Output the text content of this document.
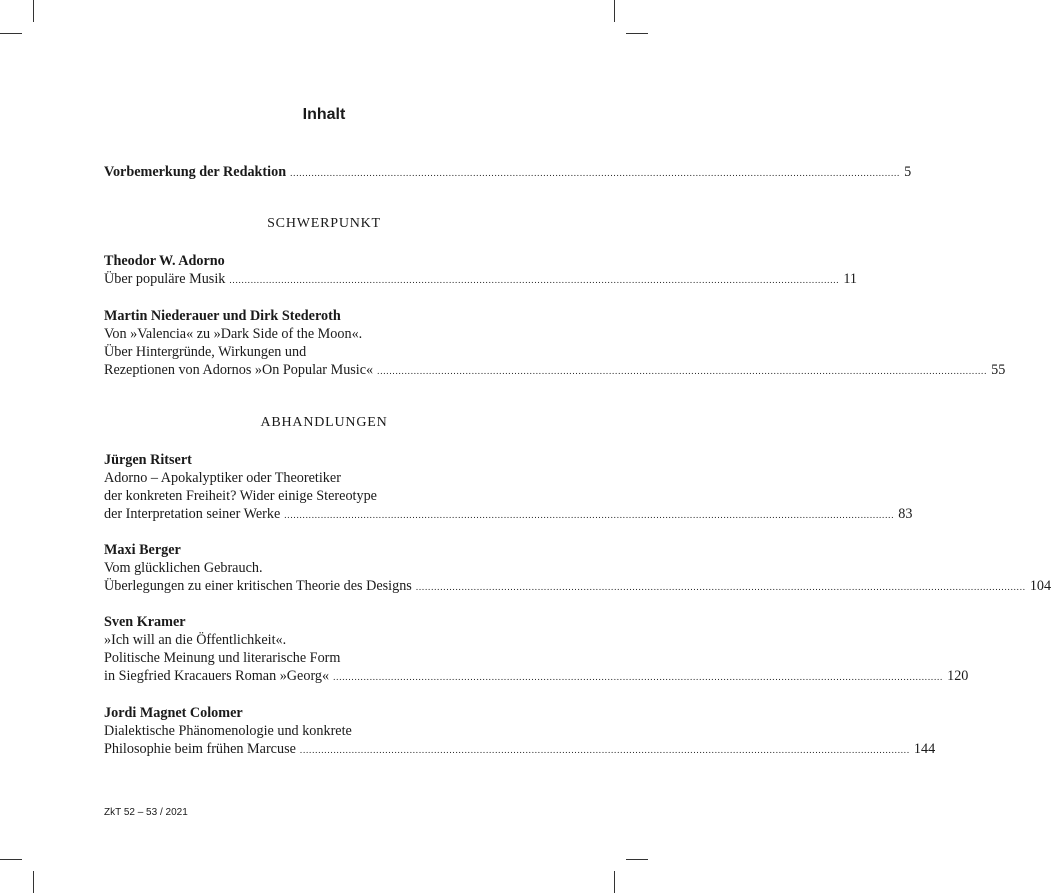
Inhalt
Vorbemerkung der Redaktion ........................................................................................................................................................................................................ 5
Theodor W. Adorno
Über populäre Musik ........................................................................................................................................................................................................ 11
Martin Niederauer und Dirk Stederoth
Von »Valencia« zu »Dark Side of the Moon«.
Über Hintergründe, Wirkungen und
Rezeptionen von Adornos »On Popular Music« ........................................................................................................................................................................................................ 55
Jürgen Ritsert
Adorno – Apokalyptiker oder Theoretiker
der konkreten Freiheit? Wider einige Stereotype
der Interpretation seiner Werke ........................................................................................................................................................................................................ 83
Maxi Berger
Vom glücklichen Gebrauch.
Überlegungen zu einer kritischen Theorie des Designs ........................................................................................................................................................................................................ 104
Sven Kramer
»Ich will an die Öffentlichkeit«.
Politische Meinung und literarische Form
in Siegfried Kracauers Roman »Georg« ........................................................................................................................................................................................................ 120
Jordi Magnet Colomer
Dialektische Phänomenologie und konkrete
Philosophie beim frühen Marcuse ........................................................................................................................................................................................................ 144
SCHWERPUNKT
ABHANDLUNGEN
ZkT 52 – 53 / 2021
